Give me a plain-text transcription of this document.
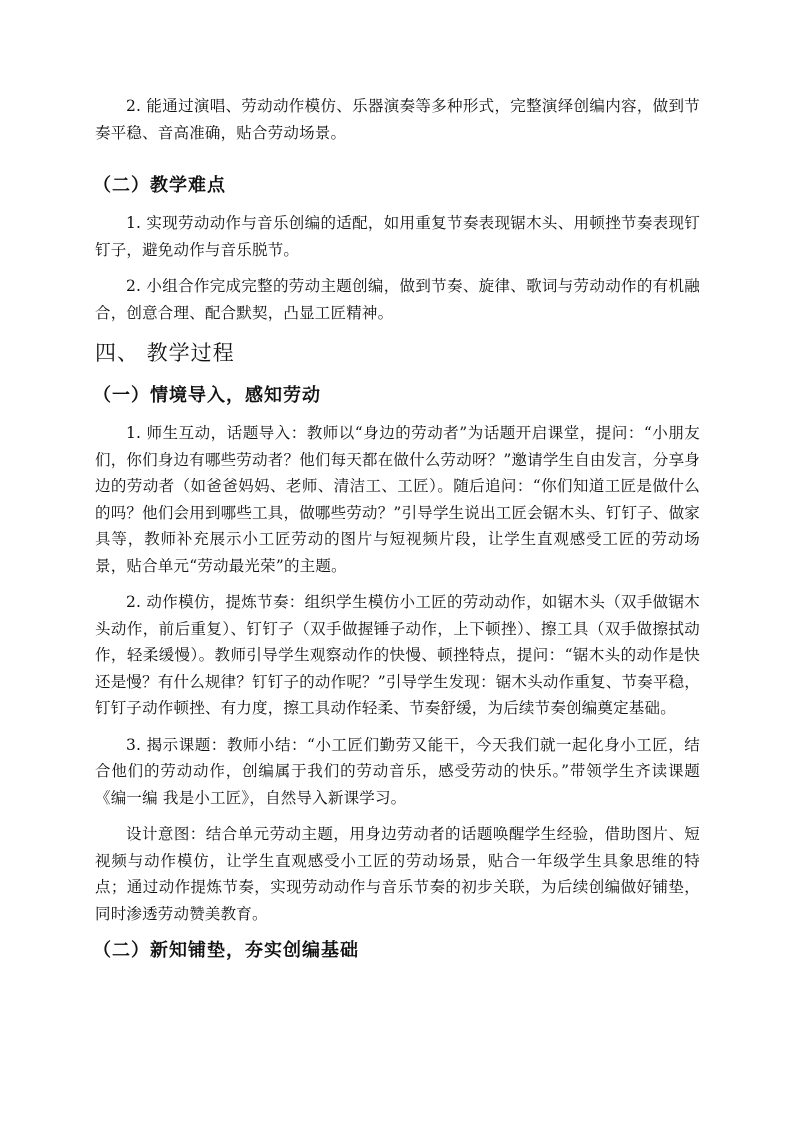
2. 能通过演唱、劳动动作模仿、乐器演奏等多种形式，完整演绎创编内容，做到节奏平稳、音高准确，贴合劳动场景。

（二）教学难点

1. 实现劳动动作与音乐创编的适配，如用重复节奏表现锯木头、用顿挫节奏表现钉钉子，避免动作与音乐脱节。

2. 小组合作完成完整的劳动主题创编，做到节奏、旋律、歌词与劳动动作的有机融合，创意合理、配合默契，凸显工匠精神。

四、 教学过程
（一）情境导入，感知劳动

1. 师生互动，话题导入：教师以“身边的劳动者”为话题开启课堂，提问：“小朋友们，你们身边有哪些劳动者？他们每天都在做什么劳动呀？”邀请学生自由发言，分享身边的劳动者（如爸爸妈妈、老师、清洁工、工匠）。随后追问：“你们知道工匠是做什么的吗？他们会用到哪些工具，做哪些劳动？”引导学生说出工匠会锯木头、钉钉子、做家具等，教师补充展示小工匠劳动的图片与短视频片段，让学生直观感受工匠的劳动场景，贴合单元“劳动最光荣”的主题。

2. 动作模仿，提炼节奏：组织学生模仿小工匠的劳动动作，如锯木头（双手做锯木头动作，前后重复）、钉钉子（双手做握锤子动作，上下顿挫）、擦工具（双手做擦拭动作，轻柔缓慢）。教师引导学生观察动作的快慢、顿挫特点，提问：“锯木头的动作是快还是慢？有什么规律？钉钉子的动作呢？”引导学生发现：锯木头动作重复、节奏平稳，钉钉子动作顿挫、有力度，擦工具动作轻柔、节奏舒缓，为后续节奏创编奠定基础。

3. 揭示课题：教师小结：“小工匠们勤劳又能干，今天我们就一起化身小工匠，结合他们的劳动动作，创编属于我们的劳动音乐，感受劳动的快乐。”带领学生齐读课题《编一编 我是小工匠》，自然导入新课学习。

设计意图：结合单元劳动主题，用身边劳动者的话题唤醒学生经验，借助图片、短视频与动作模仿，让学生直观感受小工匠的劳动场景，贴合一年级学生具象思维的特点；通过动作提炼节奏，实现劳动动作与音乐节奏的初步关联，为后续创编做好铺垫，同时渗透劳动赞美教育。

（二）新知铺垫，夯实创编基础
